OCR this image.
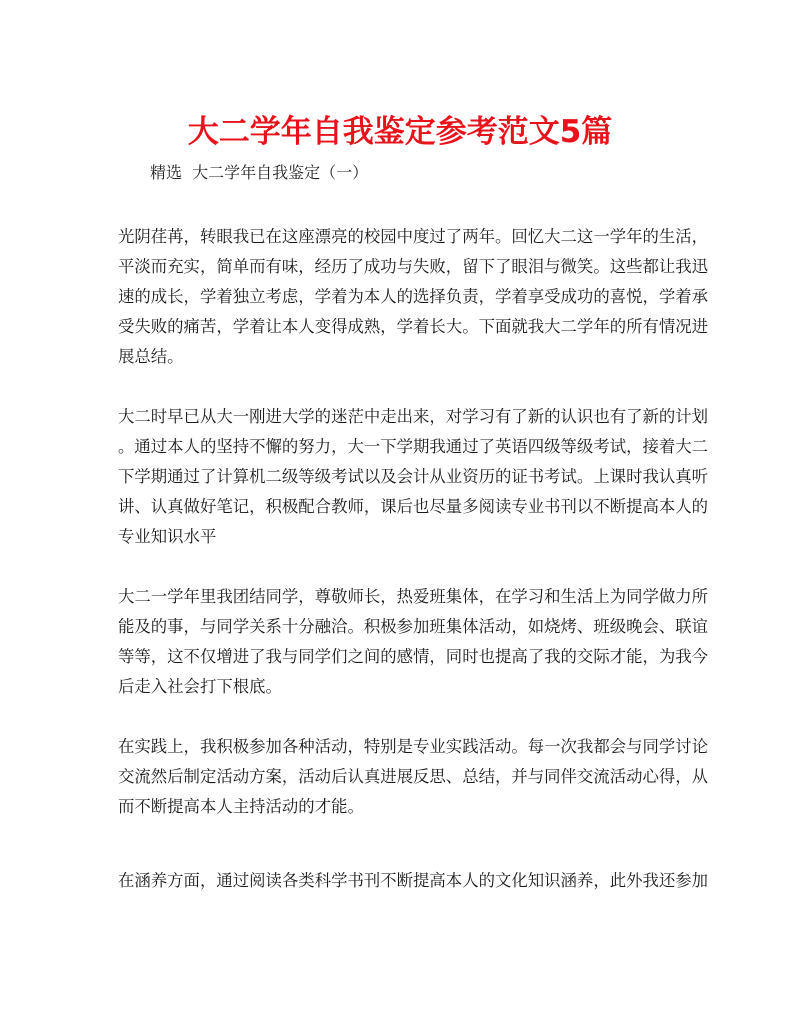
大二学年自我鉴定参考范文5篇
精选  大二学年自我鉴定（一）
光阴荏苒，转眼我已在这座漂亮的校园中度过了两年。回忆大二这一学年的生活，
平淡而充实，简单而有味，经历了成功与失败，留下了眼泪与微笑。这些都让我迅
速的成长，学着独立考虑，学着为本人的选择负责，学着享受成功的喜悦，学着承
受失败的痛苦，学着让本人变得成熟，学着长大。下面就我大二学年的所有情况进
展总结。
大二时早已从大一刚进大学的迷茫中走出来，对学习有了新的认识也有了新的计划
。通过本人的坚持不懈的努力，大一下学期我通过了英语四级等级考试，接着大二
下学期通过了计算机二级等级考试以及会计从业资历的证书考试。上课时我认真听
讲、认真做好笔记，积极配合教师，课后也尽量多阅读专业书刊以不断提高本人的
专业知识水平
大二一学年里我团结同学，尊敬师长，热爱班集体，在学习和生活上为同学做力所
能及的事，与同学关系十分融洽。积极参加班集体活动，如烧烤、班级晚会、联谊
等等，这不仅增进了我与同学们之间的感情，同时也提高了我的交际才能，为我今
后走入社会打下根底。
在实践上，我积极参加各种活动，特别是专业实践活动。每一次我都会与同学讨论
交流然后制定活动方案，活动后认真进展反思、总结，并与同伴交流活动心得，从
而不断提高本人主持活动的才能。
在涵养方面，通过阅读各类科学书刊不断提高本人的文化知识涵养，此外我还参加
